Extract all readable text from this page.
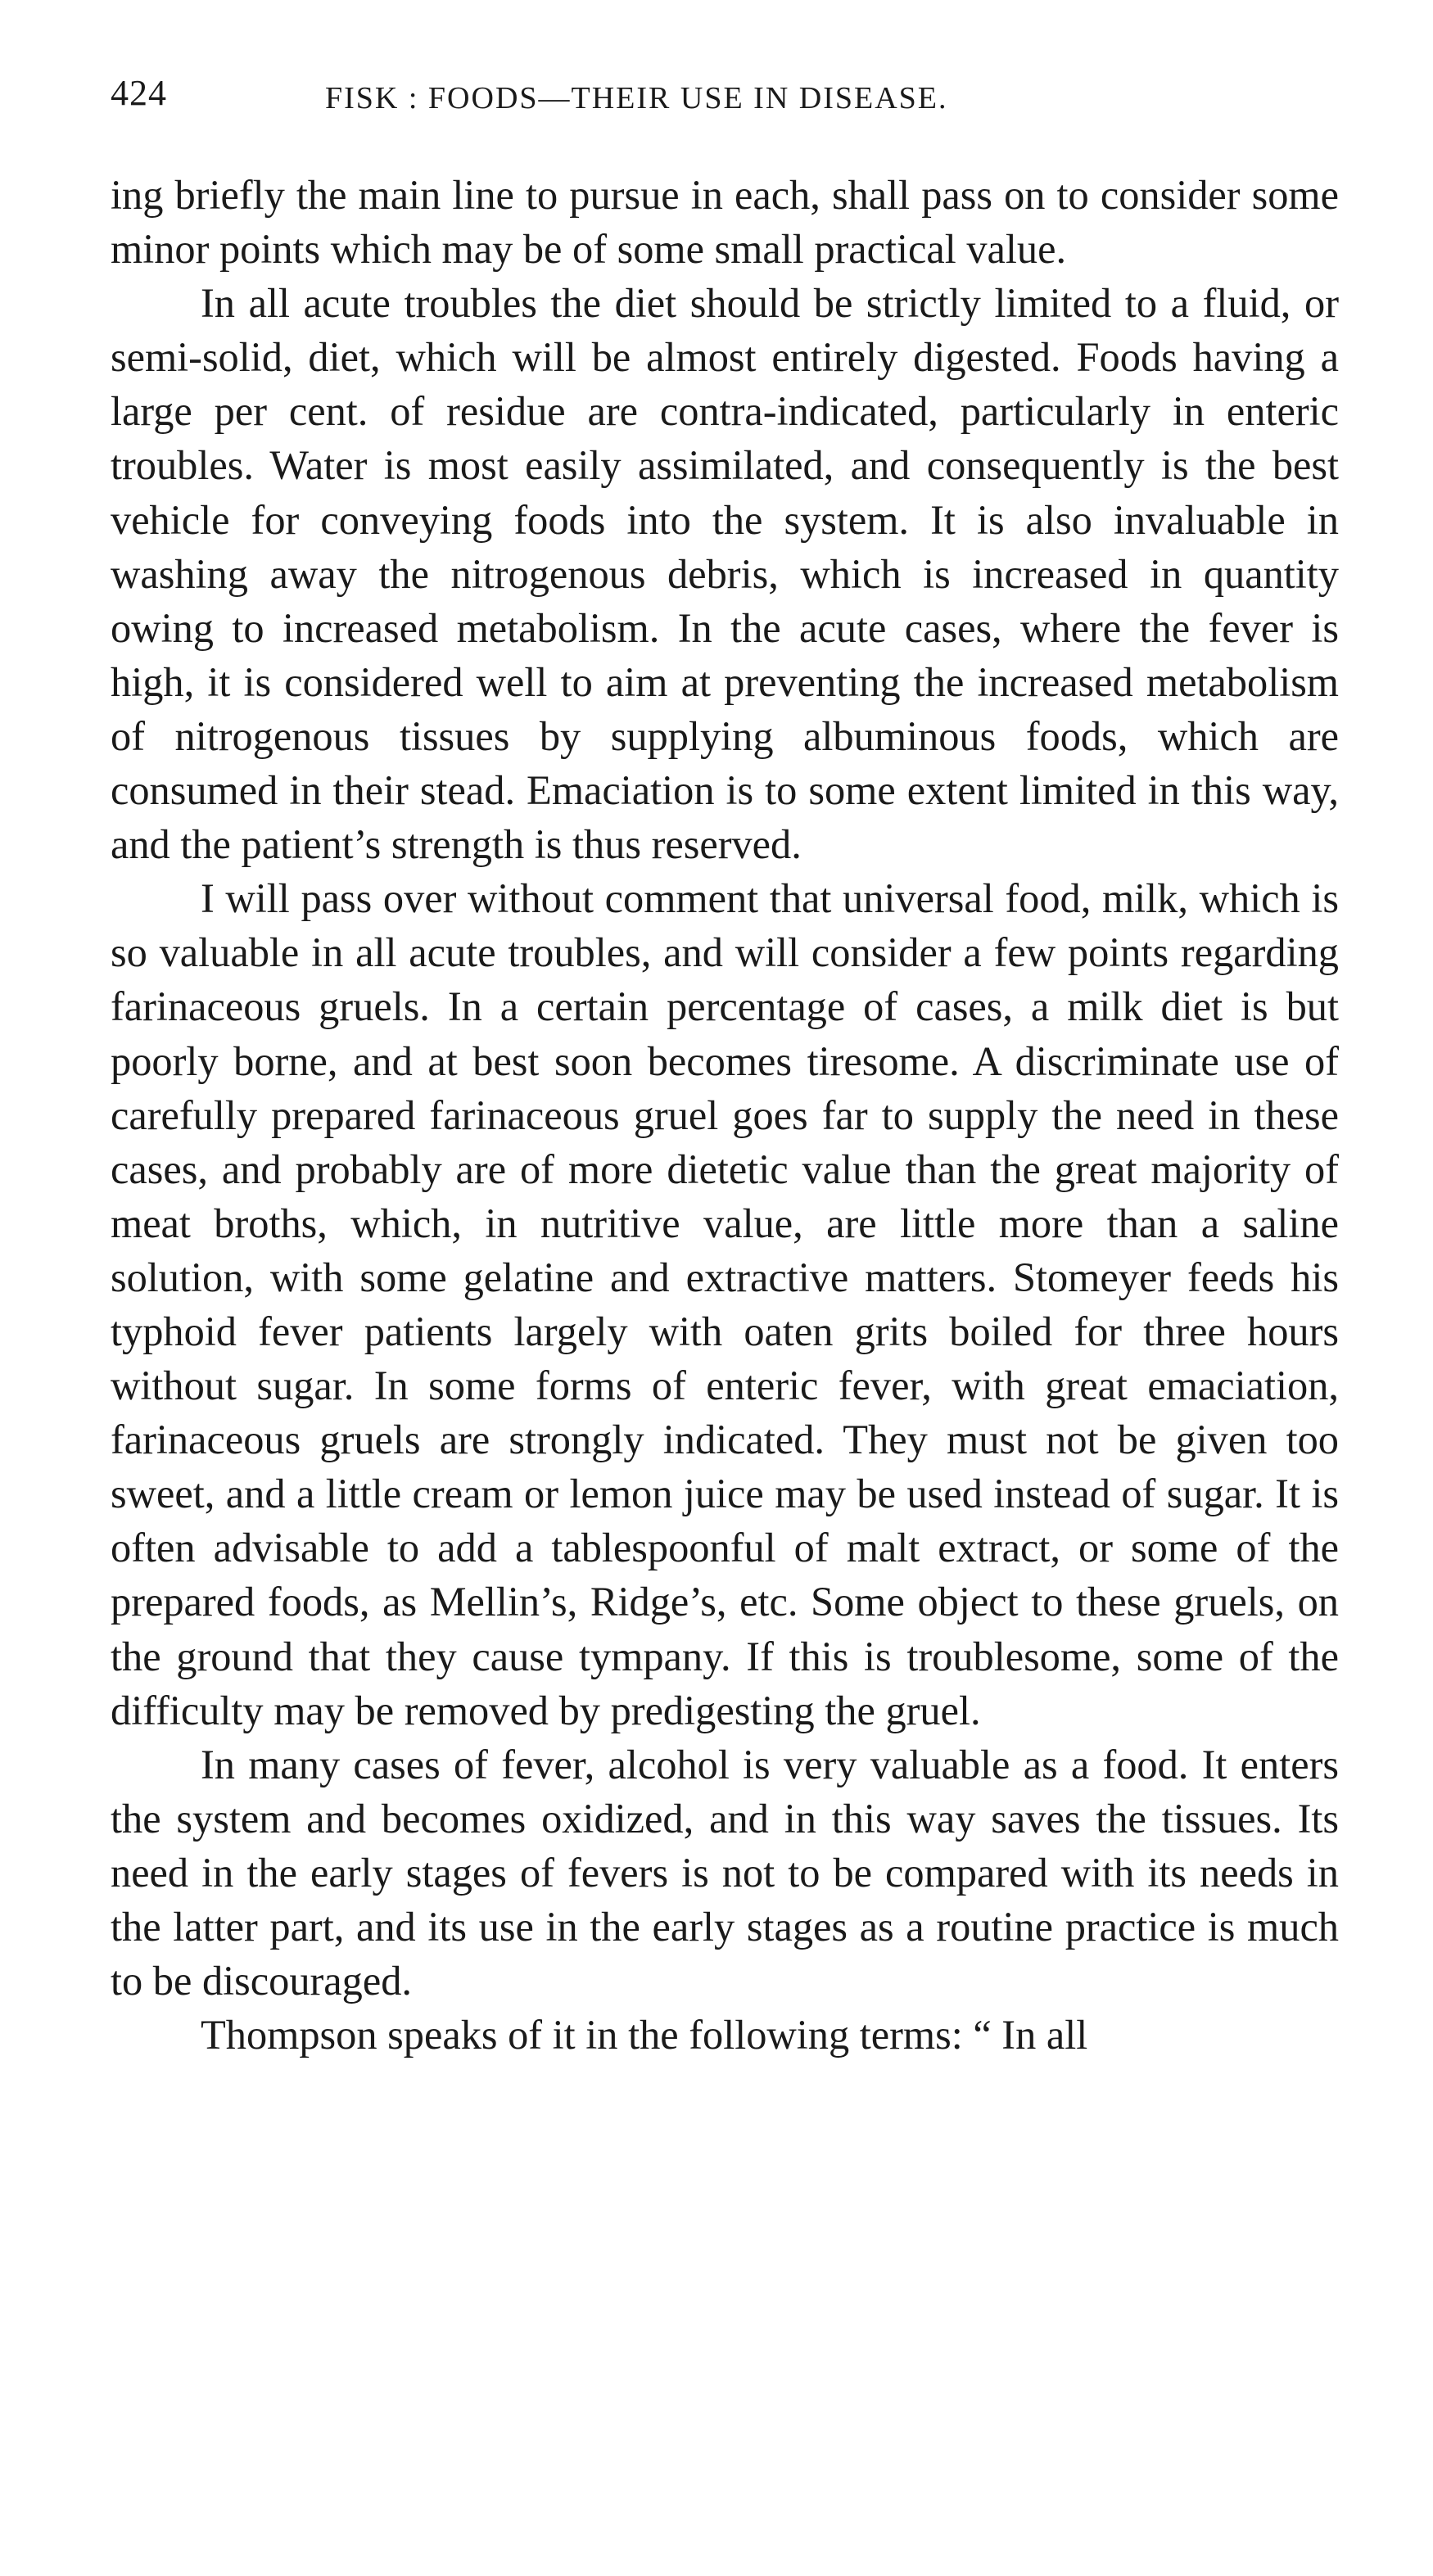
424	FISK : FOODS—THEIR USE IN DISEASE.

ing briefly the main line to pursue in each, shall pass on to consider some minor points which may be of some small practical value.

In all acute troubles the diet should be strictly limited to a fluid, or semi-solid, diet, which will be almost entirely digested. Foods having a large per cent. of residue are contra-indicated, particularly in enteric troubles. Water is most easily assimilated, and consequently is the best vehicle for conveying foods into the system. It is also invaluable in washing away the nitrogenous debris, which is increased in quantity owing to increased metabolism. In the acute cases, where the fever is high, it is considered well to aim at preventing the increased metabolism of nitrogenous tissues by supplying albuminous foods, which are consumed in their stead. Emaciation is to some extent limited in this way, and the patient’s strength is thus reserved.

I will pass over without comment that universal food, milk, which is so valuable in all acute troubles, and will consider a few points regarding farinaceous gruels. In a certain percentage of cases, a milk diet is but poorly borne, and at best soon becomes tiresome. A discriminate use of carefully prepared farinaceous gruel goes far to supply the need in these cases, and probably are of more dietetic value than the great majority of meat broths, which, in nutritive value, are little more than a saline solution, with some gelatine and extractive matters. Stomeyer feeds his typhoid fever patients largely with oaten grits boiled for three hours without sugar. In some forms of enteric fever, with great emaciation, farinaceous gruels are strongly indicated. They must not be given too sweet, and a little cream or lemon juice may be used instead of sugar. It is often advisable to add a tablespoonful of malt extract, or some of the prepared foods, as Mellin’s, Ridge’s, etc. Some object to these gruels, on the ground that they cause tympany. If this is troublesome, some of the difficulty may be removed by predigesting the gruel.

In many cases of fever, alcohol is very valuable as a food. It enters the system and becomes oxidized, and in this way saves the tissues. Its need in the early stages of fevers is not to be compared with its needs in the latter part, and its use in the early stages as a routine practice is much to be discouraged.

Thompson speaks of it in the following terms: “ In all
